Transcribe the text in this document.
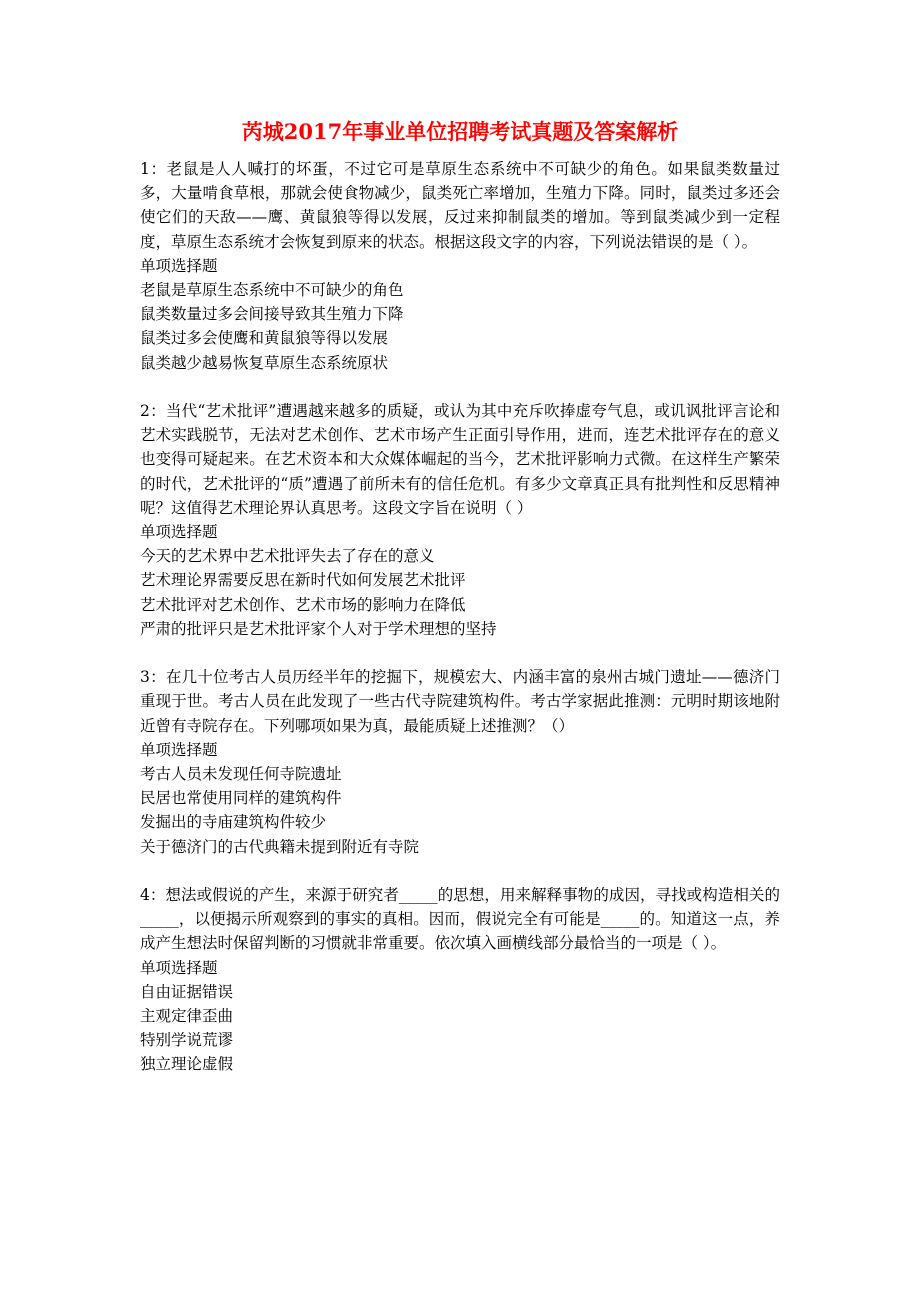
芮城2017年事业单位招聘考试真题及答案解析

1：老鼠是人人喊打的坏蛋，不过它可是草原生态系统中不可缺少的角色。如果鼠类数量过多，大量啃食草根，那就会使食物减少，鼠类死亡率增加，生殖力下降。同时，鼠类过多还会使它们的天敌——鹰、黄鼠狼等得以发展，反过来抑制鼠类的增加。等到鼠类减少到一定程度，草原生态系统才会恢复到原来的状态。根据这段文字的内容，下列说法错误的是（ ）。

单项选择题

老鼠是草原生态系统中不可缺少的角色

鼠类数量过多会间接导致其生殖力下降

鼠类过多会使鹰和黄鼠狼等得以发展

鼠类越少越易恢复草原生态系统原状

2：当代“艺术批评”遭遇越来越多的质疑，或认为其中充斥吹捧虚夸气息，或讥讽批评言论和艺术实践脱节，无法对艺术创作、艺术市场产生正面引导作用，进而，连艺术批评存在的意义也变得可疑起来。在艺术资本和大众媒体崛起的当今，艺术批评影响力式微。在这样生产繁荣的时代，艺术批评的“质”遭遇了前所未有的信任危机。有多少文章真正具有批判性和反思精神呢？这值得艺术理论界认真思考。这段文字旨在说明（ ）

单项选择题

今天的艺术界中艺术批评失去了存在的意义

艺术理论界需要反思在新时代如何发展艺术批评

艺术批评对艺术创作、艺术市场的影响力在降低

严肃的批评只是艺术批评家个人对于学术理想的坚持

3：在几十位考古人员历经半年的挖掘下，规模宏大、内涵丰富的泉州古城门遗址——德济门重现于世。考古人员在此发现了一些古代寺院建筑构件。考古学家据此推测：元明时期该地附近曾有寺院存在。下列哪项如果为真，最能质疑上述推测？（）

单项选择题

考古人员未发现任何寺院遗址

民居也常使用同样的建筑构件

发掘出的寺庙建筑构件较少

关于德济门的古代典籍未提到附近有寺院

4：想法或假说的产生，来源于研究者_____的思想，用来解释事物的成因，寻找或构造相关的_____，以便揭示所观察到的事实的真相。因而，假说完全有可能是_____的。知道这一点，养成产生想法时保留判断的习惯就非常重要。依次填入画横线部分最恰当的一项是（ ）。

单项选择题

自由证据错误

主观定律歪曲

特别学说荒谬

独立理论虚假
